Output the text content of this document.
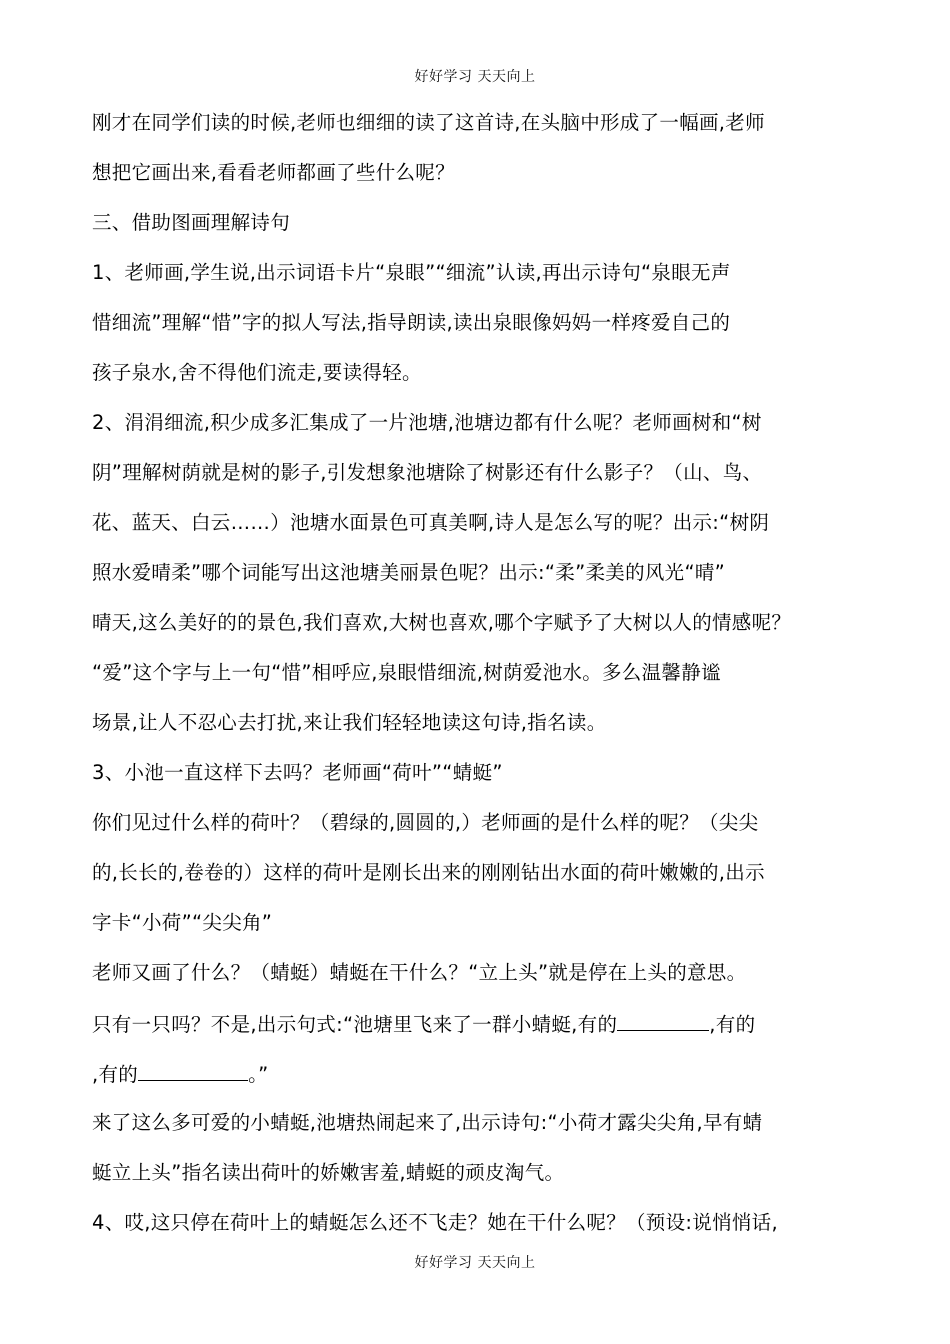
好好学习 天天向上
刚才在同学们读的时候,老师也细细的读了这首诗,在头脑中形成了一幅画,老师
想把它画出来,看看老师都画了些什么呢？
三、借助图画理解诗句
1、老师画,学生说,出示词语卡片“泉眼”“细流”认读,再出示诗句“泉眼无声
惜细流”理解“惜”字的拟人写法,指导朗读,读出泉眼像妈妈一样疼爱自己的
孩子泉水,舍不得他们流走,要读得轻。
2、涓涓细流,积少成多汇集成了一片池塘,池塘边都有什么呢？老师画树和“树
阴”理解树荫就是树的影子,引发想象池塘除了树影还有什么影子？（山、鸟、
花、蓝天、白云……）池塘水面景色可真美啊,诗人是怎么写的呢？出示:“树阴
照水爱晴柔”哪个词能写出这池塘美丽景色呢？出示:“柔”柔美的风光“晴”
晴天,这么美好的的景色,我们喜欢,大树也喜欢,哪个字赋予了大树以人的情感呢？
“爱”这个字与上一句“惜”相呼应,泉眼惜细流,树荫爱池水。多么温馨静谧
场景,让人不忍心去打扰,来让我们轻轻地读这句诗,指名读。
3、小池一直这样下去吗？老师画“荷叶”“蜻蜓”
你们见过什么样的荷叶？（碧绿的,圆圆的,）老师画的是什么样的呢？（尖尖
的,长长的,卷卷的）这样的荷叶是刚长出来的刚刚钻出水面的荷叶嫩嫩的,出示
字卡“小荷”“尖尖角”
老师又画了什么？（蜻蜓）蜻蜓在干什么？“立上头”就是停在上头的意思。
只有一只吗？不是,出示句式:“池塘里飞来了一群小蜻蜓,有的	,有的
,有的	。”
来了这么多可爱的小蜻蜓,池塘热闹起来了,出示诗句:“小荷才露尖尖角,早有蜻
蜓立上头”指名读出荷叶的娇嫩害羞,蜻蜓的顽皮淘气。
4、哎,这只停在荷叶上的蜻蜓怎么还不飞走？她在干什么呢？（预设:说悄悄话,
好好学习 天天向上
